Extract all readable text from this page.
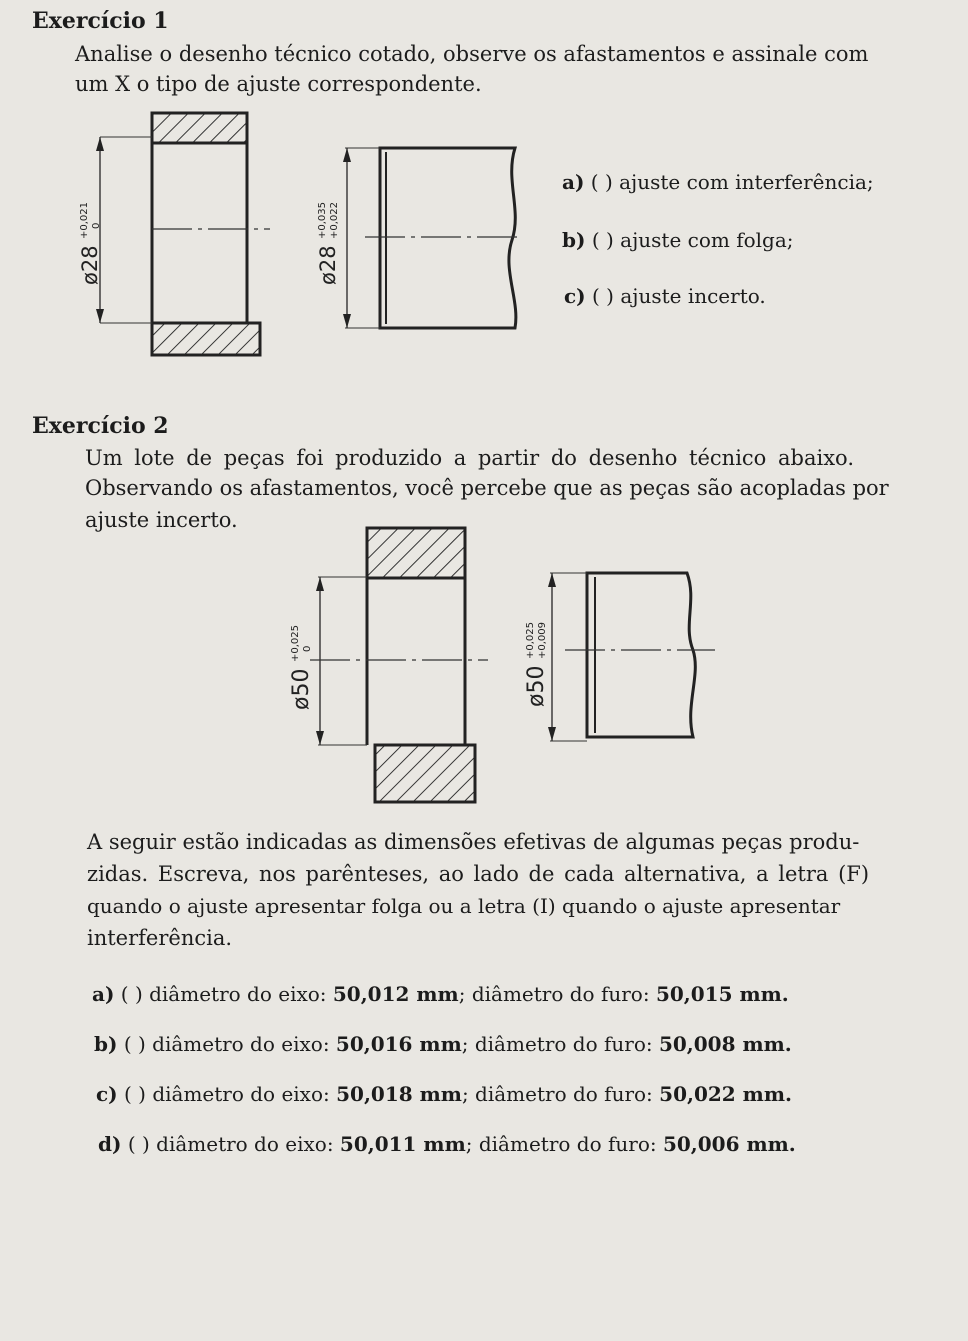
Exercício 1
Analise o desenho técnico cotado, observe os afastamentos e assinale com
um X o tipo de ajuste correspondente.
ø28
+0,021 0
ø28
+0,035 +0,022
a) ( ) ajuste com interferência;
b) ( ) ajuste com folga;
c) ( ) ajuste incerto.
Exercício 2
Um lote de peças foi produzido a partir do desenho técnico abaixo.
Observando os afastamentos, você percebe que as peças são acopladas por
ajuste incerto.
ø50
+0,025 0
ø50
+0,025 +0,009
A seguir estão indicadas as dimensões efetivas de algumas peças produ-
zidas. Escreva, nos parênteses, ao lado de cada alternativa, a letra (F)
quando o ajuste apresentar folga ou a letra (I) quando o ajuste apresentar
interferência.
a) ( ) diâmetro do eixo: 50,012 mm; diâmetro do furo: 50,015 mm.
b) ( ) diâmetro do eixo: 50,016 mm; diâmetro do furo: 50,008 mm.
c) ( ) diâmetro do eixo: 50,018 mm; diâmetro do furo: 50,022 mm.
d) ( ) diâmetro do eixo: 50,011 mm; diâmetro do furo: 50,006 mm.
